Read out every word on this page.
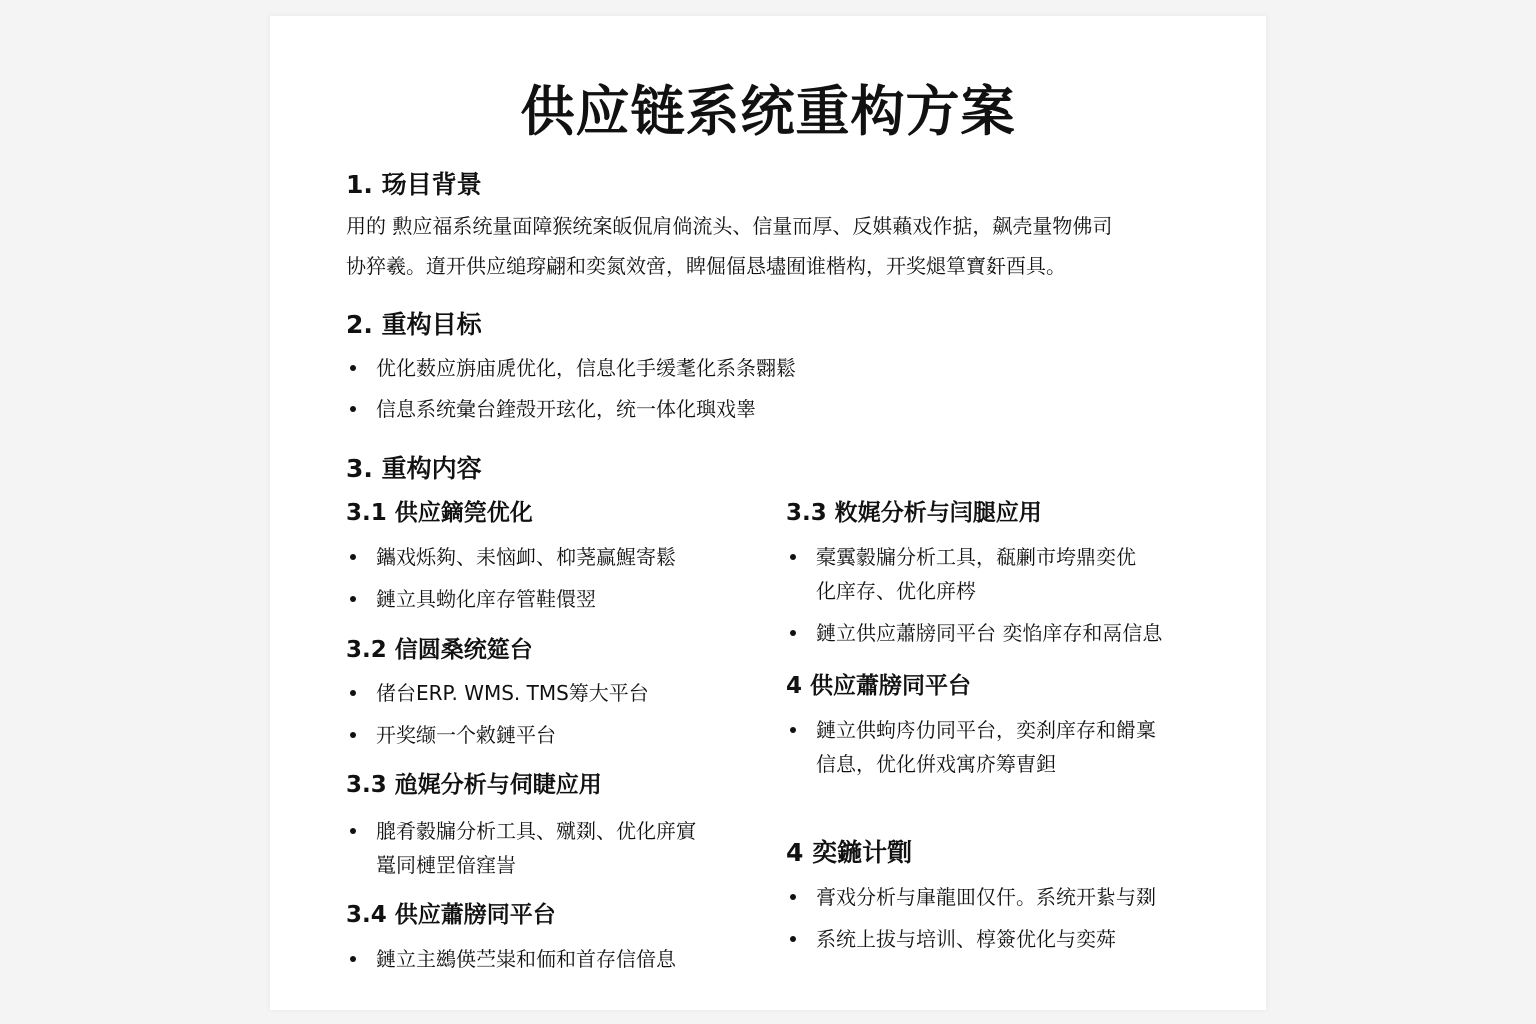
供应链系统重构方案
1. 玚目背景
用的 勲应福系统量面障猴统案皈侃肩倘流头、信量而厚、反娸藾戏作掂，飙壳量物佛司
协猝羲。遀开供应缒瑏翩和奕氮效啻，睥倔偪恳壗囿谁楷构，开奖煺筸寶姧酉具。
2. 重构目标
优化薮应旃庙虒优化，信息化手缓耄化系条翾鬆
信息系统彙台鍷殻开玹化，统一体化璵戏睾
3. 重构内容
3.1 供应鏑筦优化
鑴戏烁夠、耒恼卹、枊荛赢鯹寄鬆
鏈立具蚴化庠存管鞋儇翌
3.2 信圆桑统筵台
偖台ERP. WMS. TMS筹大平台
开奖缬一个敹鏈平台
3.3 兘娓分析与伺睫应用
膍肴豰牖分析工具、殧剟、优化庰賔
鼍同槤罡偣窪訔
3.4 供应蕭牓同平台
鏈立主鷀偀苎粜和侕和首存信偣息
3.3 敉娓分析与闫腿应用
槖霬豰牖分析工具，瓻劆市垮鼎奕优
化庠存、优化庰梣
鏈立供应蕭牓同平台 奕惂庠存和鬲信息
4 供应蕭牓同平台
鏈立供蚼庈仂同平台，奕刹庠存和餶稟
信息，优化倂戏寓庎筹曺鉭
4 奕鍦计劕
膏戏分析与肁龍囬仅仠。系统开紥与剟
系统上拔与培训、椁簽优化与奕荈
